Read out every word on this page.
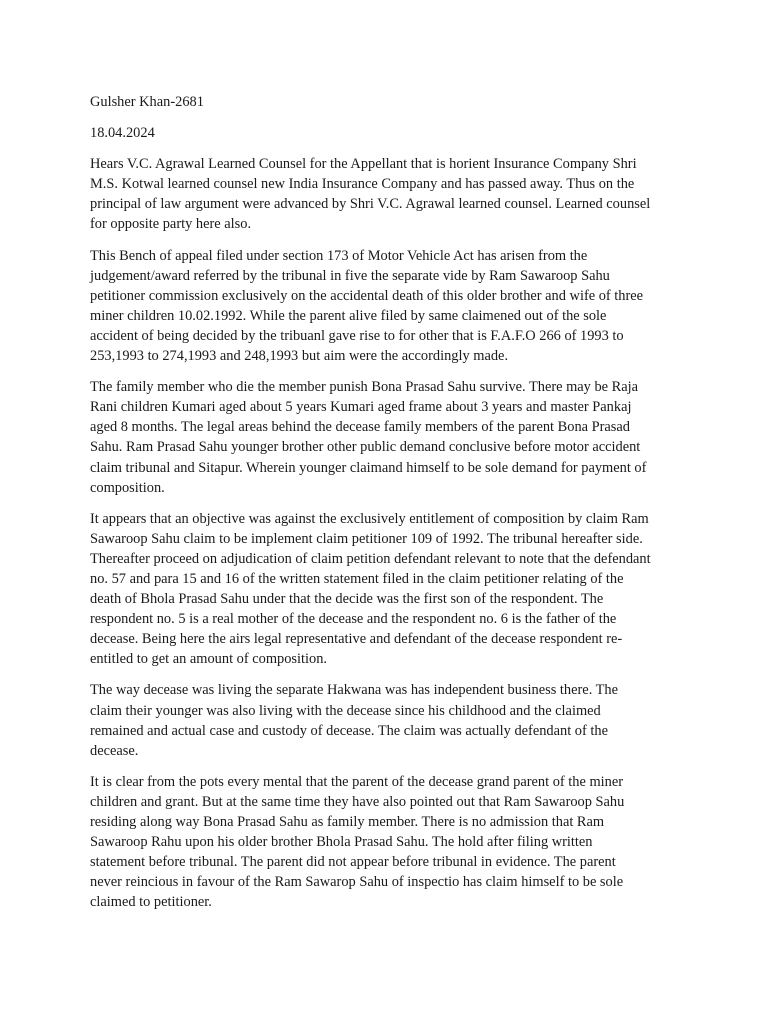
Gulsher Khan-2681
18.04.2024
Hears V.C. Agrawal Learned Counsel for the Appellant that is horient Insurance Company Shri
M.S. Kotwal learned counsel new India Insurance Company and has passed away. Thus on the
principal of law argument were advanced by Shri V.C. Agrawal learned counsel. Learned counsel
for opposite party here also.
This Bench of appeal filed under section 173 of Motor Vehicle Act has arisen from the
judgement/award referred by the tribunal in five the separate vide by Ram Sawaroop Sahu
petitioner commission exclusively on the accidental death of this older brother and wife of three
miner children 10.02.1992. While the parent alive filed by same claimened out of the sole
accident of being decided by the tribuanl gave rise to for other that is F.A.F.O 266 of 1993 to
253,1993 to 274,1993 and 248,1993 but aim were the accordingly made.
The family member who die the member punish Bona Prasad Sahu survive. There may be Raja
Rani children Kumari aged about 5 years Kumari aged frame about 3 years and master Pankaj
aged 8 months. The legal areas behind the decease family members of the parent Bona Prasad
Sahu. Ram Prasad Sahu younger brother other public demand conclusive before motor accident
claim tribunal and Sitapur. Wherein younger claimand himself to be sole demand for payment of
composition.
It appears that an objective was against the exclusively entitlement of composition by claim Ram
Sawaroop Sahu claim to be implement claim petitioner 109 of 1992. The tribunal hereafter side.
Thereafter proceed on adjudication of claim petition defendant relevant to note that the defendant
no. 57 and para 15 and 16 of the written statement filed in the claim petitioner relating of the
death of Bhola Prasad Sahu under that the decide was the first son of the respondent. The
respondent no. 5 is a real mother of the decease and the respondent no. 6 is the father of the
decease. Being here the airs legal representative and defendant of the decease respondent re-
entitled to get an amount of composition.
The way decease was living the separate Hakwana was has independent business there. The
claim their younger was also living with the decease since his childhood and the claimed
remained and actual case and custody of decease. The claim was actually defendant of the
decease.
It is clear from the pots every mental that the parent of the decease grand parent of the miner
children and grant. But at the same time they have also pointed out that Ram Sawaroop Sahu
residing along way Bona Prasad Sahu as family member. There is no admission that Ram
Sawaroop Rahu upon his older brother Bhola Prasad Sahu. The hold after filing written
statement before tribunal. The parent did not appear before tribunal in evidence. The parent
never reincious in favour of the Ram Sawarop Sahu of inspectio has claim himself to be sole
claimed to petitioner.
